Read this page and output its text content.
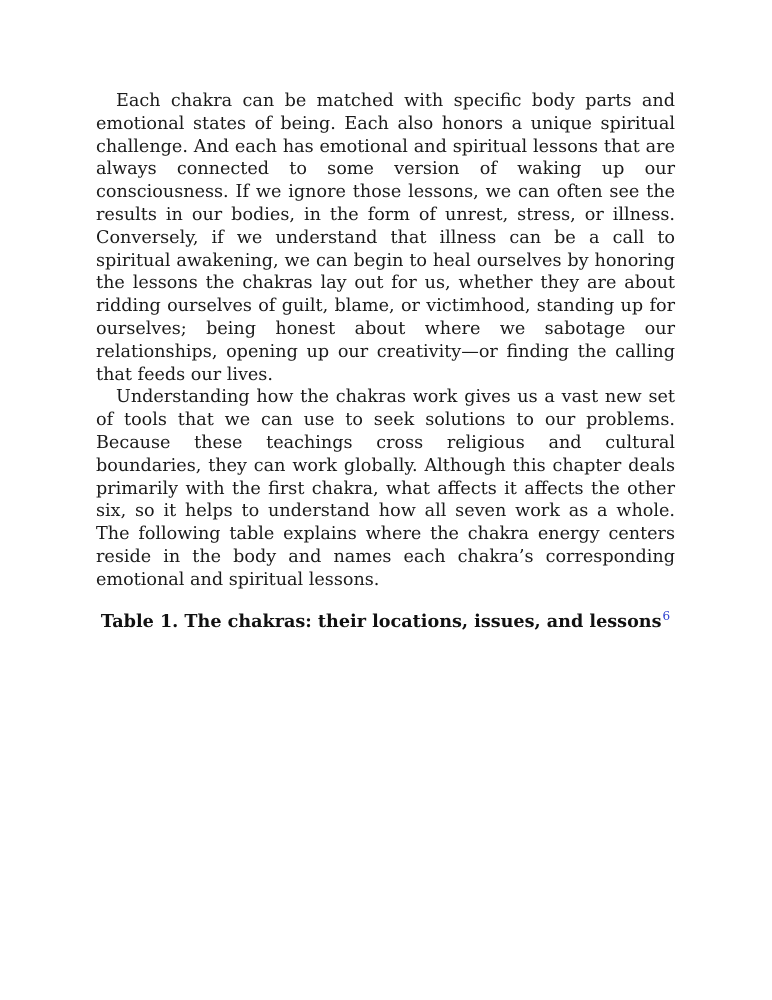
Each chakra can be matched with specific body parts and emotional states of being. Each also honors a unique spiritual challenge. And each has emotional and spiritual lessons that are always connected to some version of waking up our consciousness. If we ignore those lessons, we can often see the results in our bodies, in the form of unrest, stress, or illness. Conversely, if we understand that illness can be a call to spiritual awakening, we can begin to heal ourselves by honoring the lessons the chakras lay out for us, whether they are about ridding ourselves of guilt, blame, or victimhood, standing up for ourselves; being honest about where we sabotage our relationships, opening up our creativity—or finding the calling that feeds our lives.

Understanding how the chakras work gives us a vast new set of tools that we can use to seek solutions to our problems. Because these teachings cross religious and cultural boundaries, they can work globally. Although this chapter deals primarily with the first chakra, what affects it affects the other six, so it helps to understand how all seven work as a whole. The following table explains where the chakra energy centers reside in the body and names each chakra’s corresponding emotional and spiritual lessons.

Table 1. The chakras: their locations, issues, and lessons$^6$
